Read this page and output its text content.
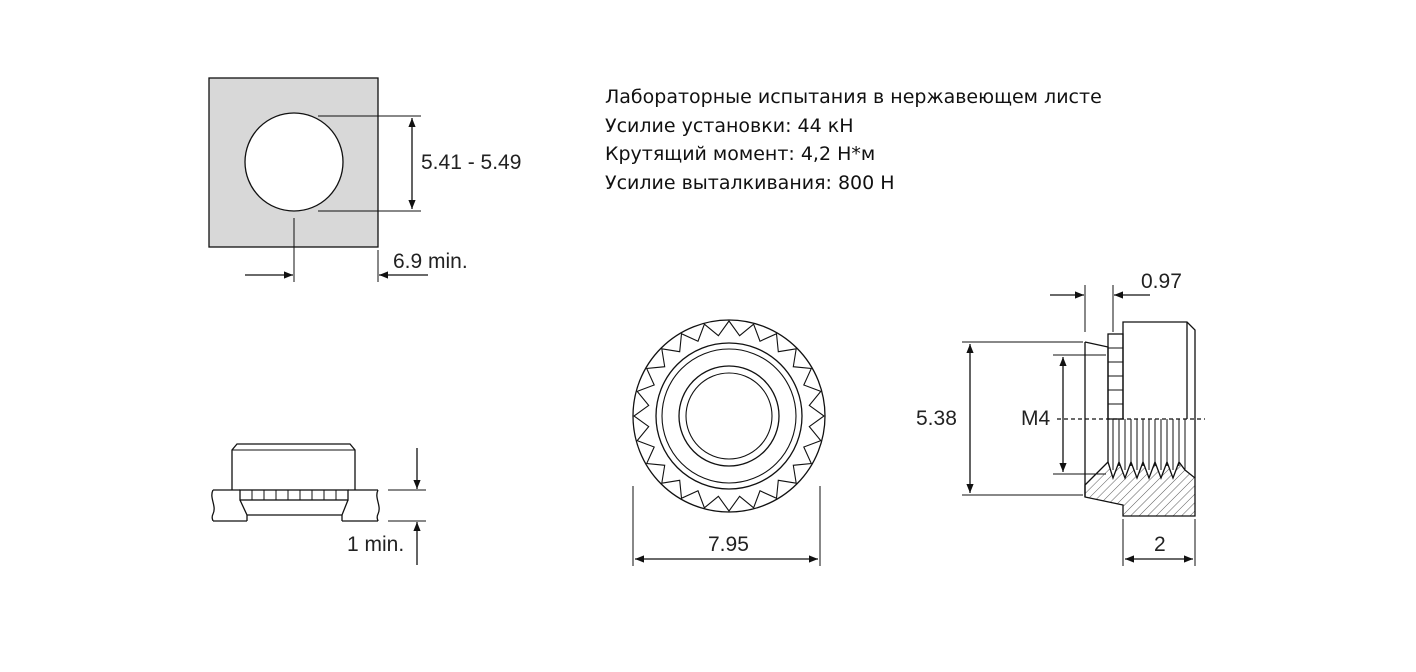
Лабораторные испытания в нержавеющем листе
Усилие установки: 44 кН
Крутящий момент: 4,2 Н*м
Усилие выталкивания: 800 Н
5.41 - 5.49
6.9 min.
1 min.	7.95
5.38	M4
0.97
2
